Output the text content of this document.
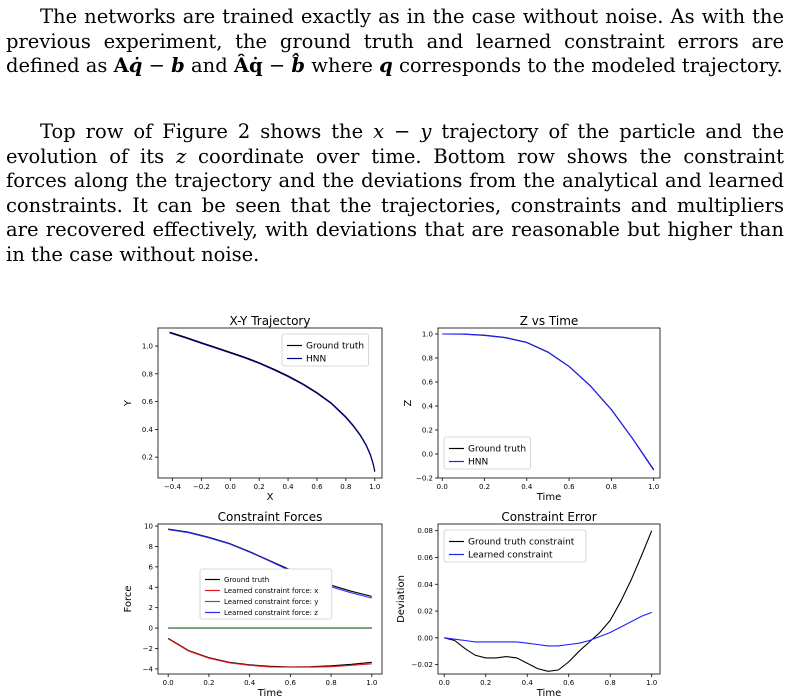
The networks are trained exactly as in the case without noise. As with the previous experiment, the ground truth and learned constraint errors are defined as Aq̇ − b and Âq̇ − b̂ where q corresponds to the modeled trajectory.
Top row of Figure 2 shows the x − y trajectory of the particle and the evolution of its z coordinate over time. Bottom row shows the constraint forces along the trajectory and the deviations from the analytical and learned constraints. It can be seen that the trajectories, constraints and multipliers are recovered effectively, with deviations that are reasonable but higher than in the case without noise.
X-Y Trajectory
−0.4 −0.2 0.0	0.2	0.4	0.6	0.8	1.0
0.2
0.4
0.6
0.8
1.0
X
Y
Ground truth
HNN
Z vs Time
0.0	0.2	0.4	0.6	0.8	1.0
−0.2
0.0
0.2
0.4
0.6
0.8
1.0
Time
Z
Ground truth
HNN
Constraint Forces
0.0	0.2	0.4	0.6	0.8	1.0
−4
−2
0
2
4
6
8
10
Time
Force
Ground truth
Learned constraint force: x
Learned constraint force: y
Learned constraint force: z
Constraint Error
0.0	0.2	0.4	0.6	0.8	1.0
−0.02
0.00
0.02
0.04
0.06
0.08
Time
Deviation
Ground truth constraint
Learned constraint
